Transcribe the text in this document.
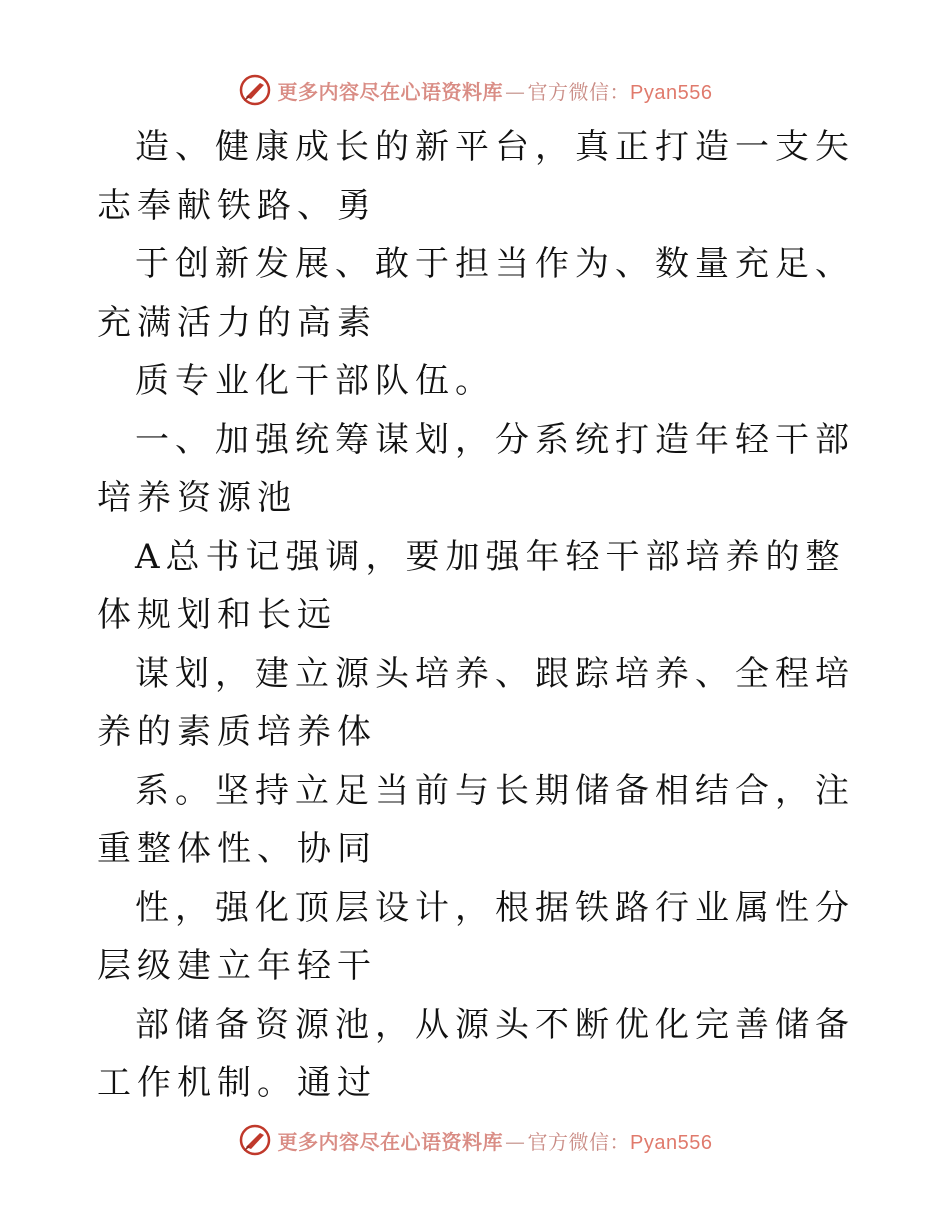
更多内容尽在心语资料库 — 官方微信：Pyan556

造、健康成长的新平台，真正打造一支矢志奉献铁路、勇

于创新发展、敢于担当作为、数量充足、充满活力的高素

质专业化干部队伍。

一、加强统筹谋划，分系统打造年轻干部培养资源池

A总书记强调，要加强年轻干部培养的整体规划和长远

谋划，建立源头培养、跟踪培养、全程培养的素质培养体

系。坚持立足当前与长期储备相结合，注重整体性、协同

性，强化顶层设计，根据铁路行业属性分层级建立年轻干

部储备资源池，从源头不断优化完善储备工作机制。通过

更多内容尽在心语资料库 — 官方微信：Pyan556
